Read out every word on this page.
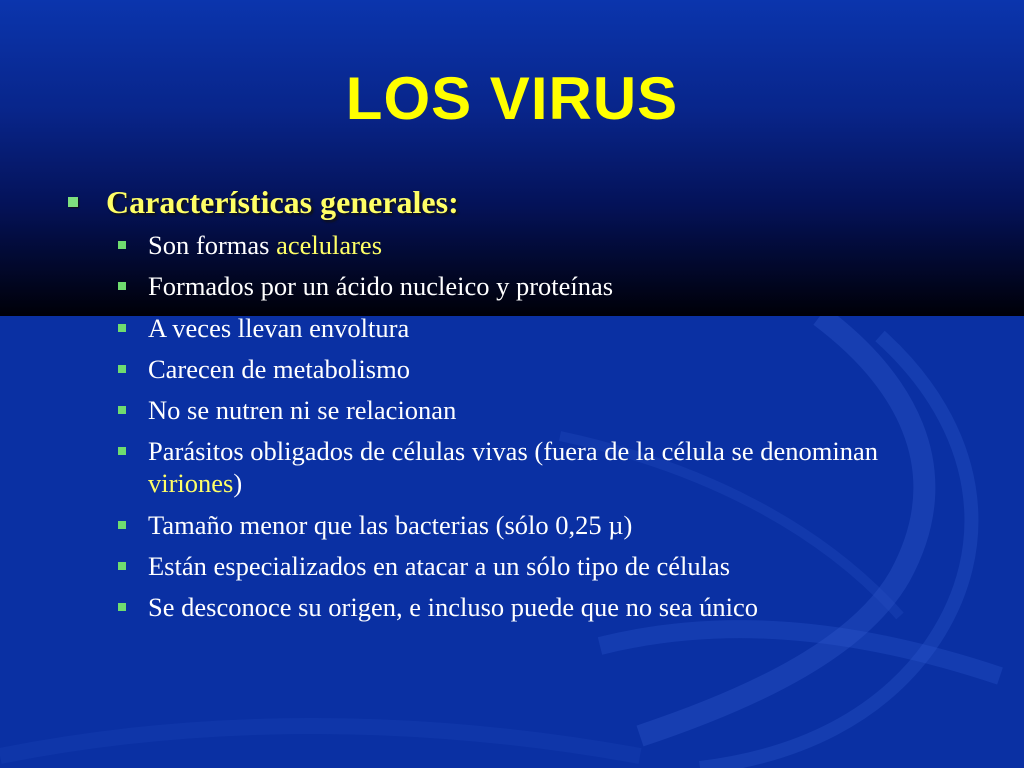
LOS VIRUS
Características generales:
Son formas acelulares
Formados por un ácido nucleico y proteínas
A veces llevan envoltura
Carecen de metabolismo
No se nutren ni se relacionan
Parásitos obligados de células vivas (fuera de la célula se denominan viriones)
Tamaño menor que las bacterias (sólo 0,25 µ)
Están especializados en atacar a un sólo tipo de células
Se desconoce su origen, e incluso puede que no sea único
